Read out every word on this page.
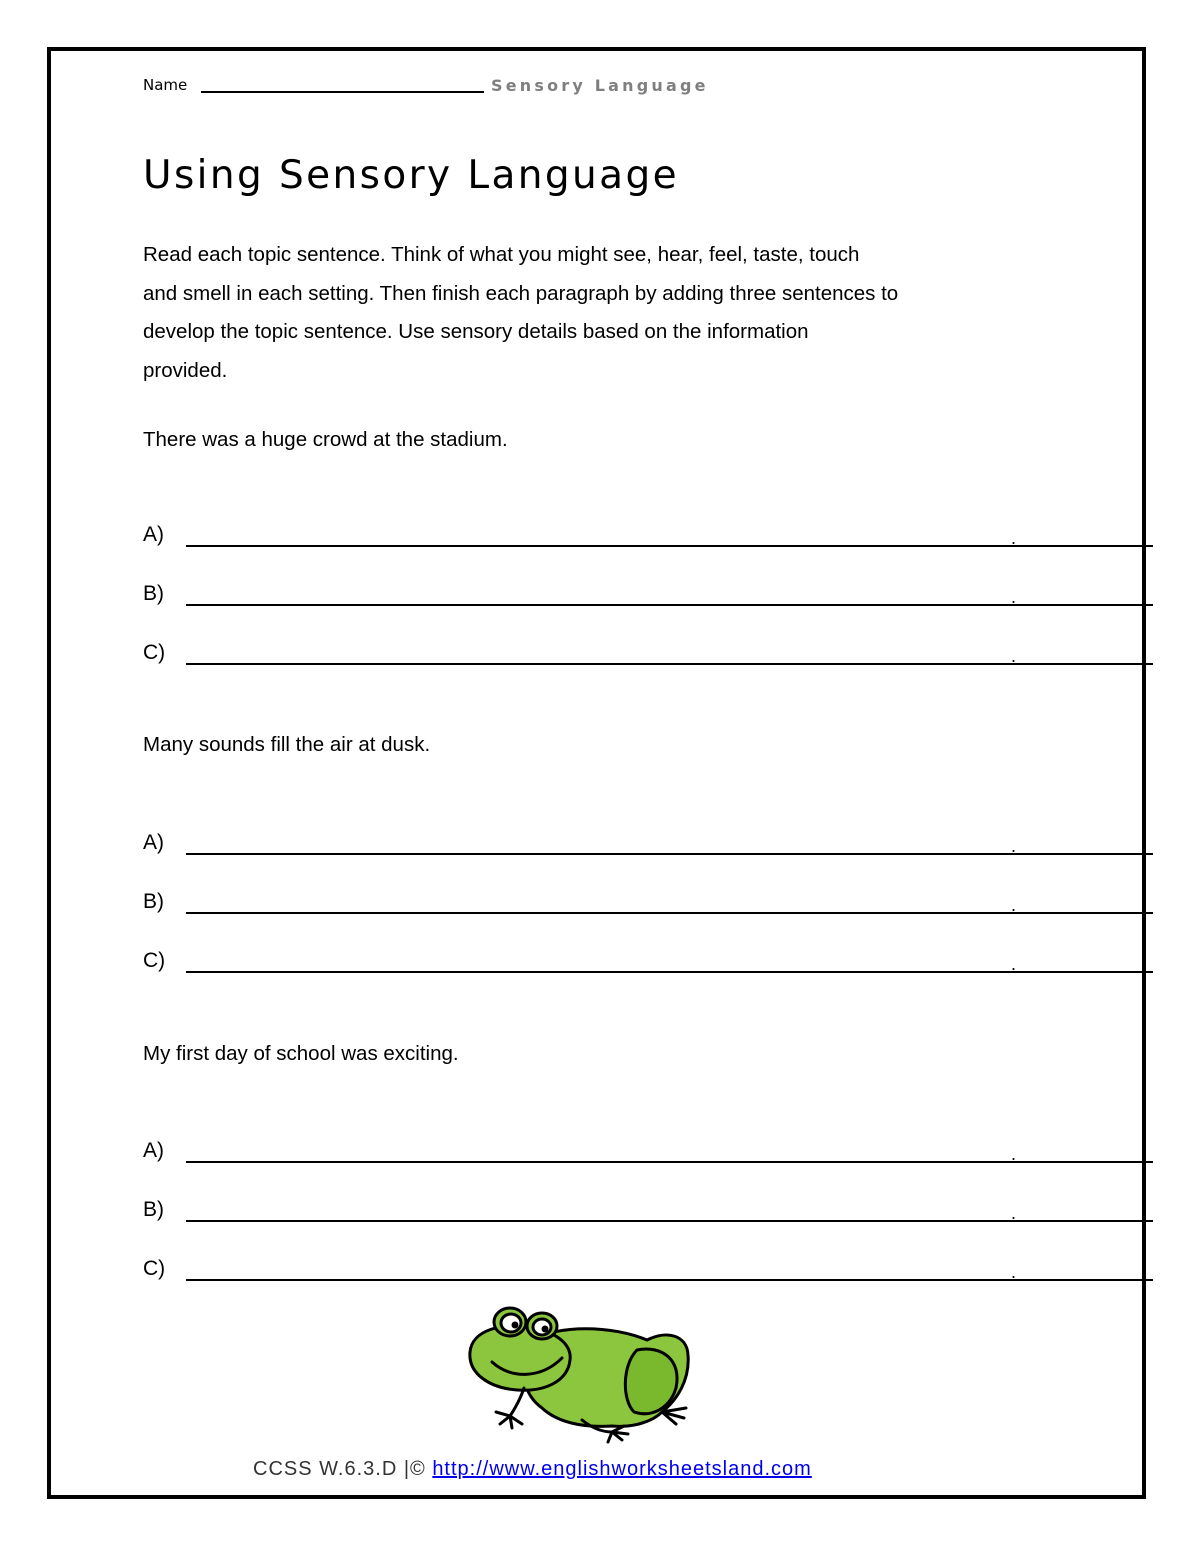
Name	Sensory Language
Using Sensory Language
Read each topic sentence. Think of what you might see, hear, feel, taste, touch
and smell in each setting. Then finish each paragraph by adding three sentences to
develop the topic sentence. Use sensory details based on the information
provided.
There was a huge crowd at the stadium.
A)	.
B)	.
C)	.
Many sounds fill the air at dusk.
A)	.
B)	.
C)	.
My first day of school was exciting.
A)	.
B)	.
C)	.
CCSS W.6.3.D |© http://www.englishworksheetsland.com
